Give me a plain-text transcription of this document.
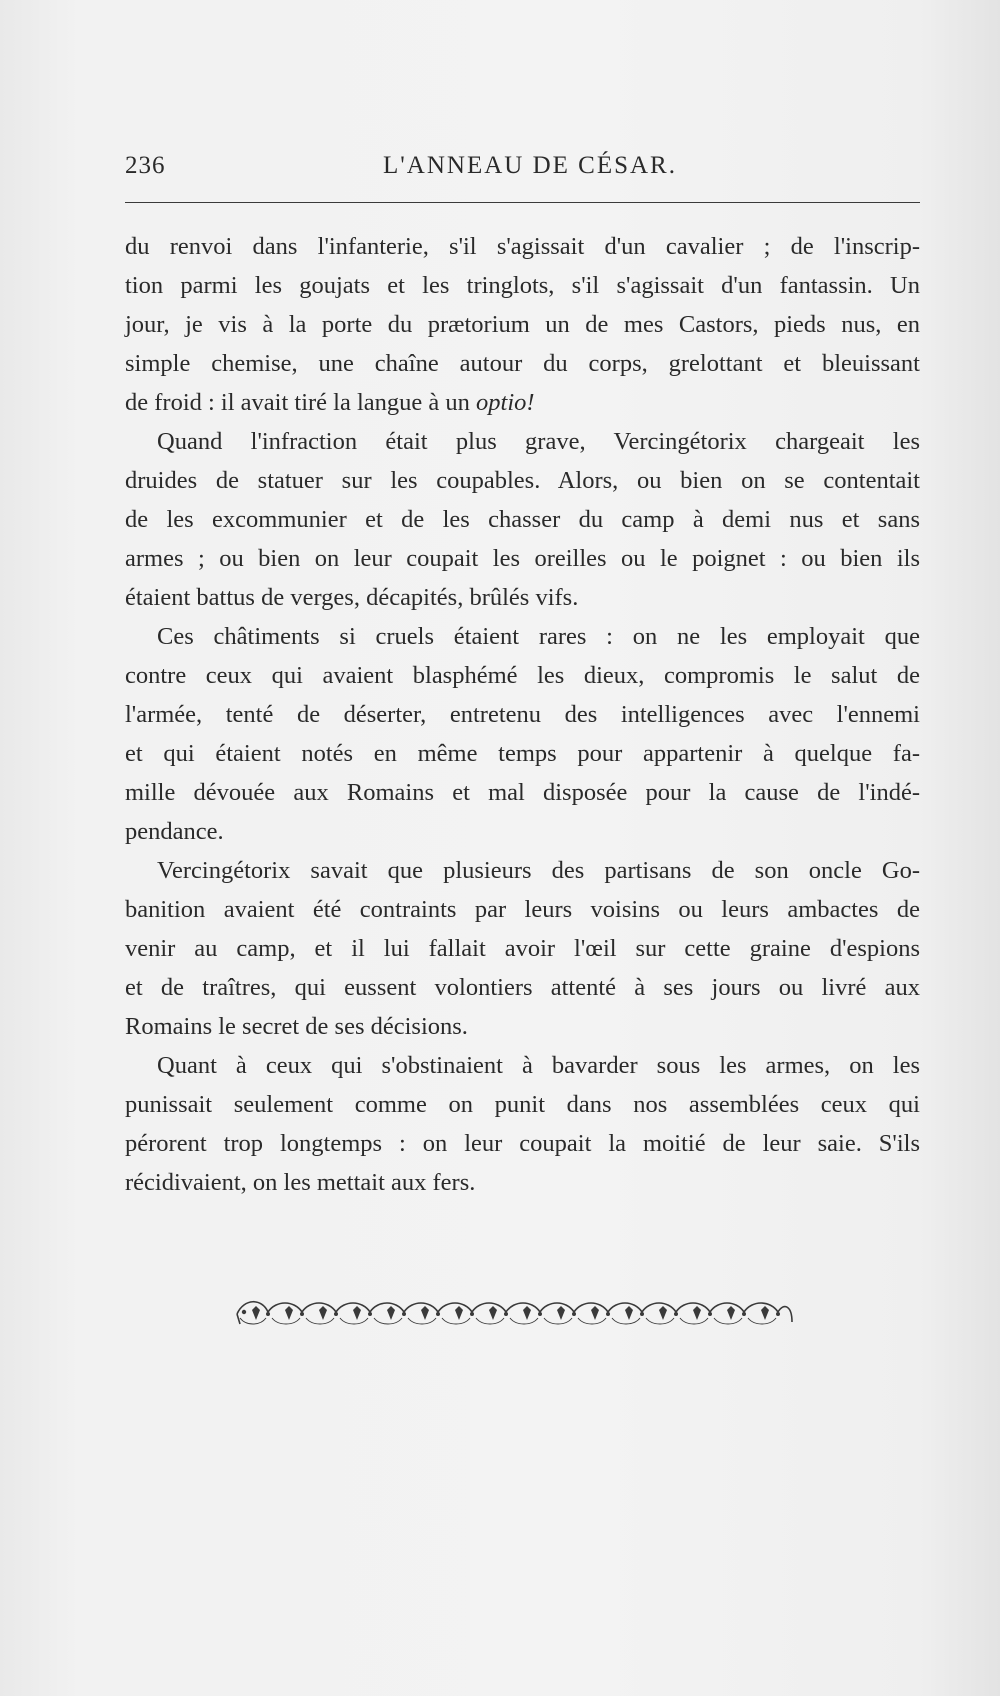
236	L'ANNEAU DE CÉSAR.
du renvoi dans l'infanterie, s'il s'agissait d'un cavalier ; de l'inscrip-
tion parmi les goujats et les tringlots, s'il s'agissait d'un fantassin. Un
jour, je vis à la porte du prætorium un de mes Castors, pieds nus, en
simple chemise, une chaîne autour du corps, grelottant et bleuissant
de froid : il avait tiré la langue à un optio!
Quand l'infraction était plus grave, Vercingétorix chargeait les
druides de statuer sur les coupables. Alors, ou bien on se contentait
de les excommunier et de les chasser du camp à demi nus et sans
armes ; ou bien on leur coupait les oreilles ou le poignet : ou bien ils
étaient battus de verges, décapités, brûlés vifs.
Ces châtiments si cruels étaient rares : on ne les employait que
contre ceux qui avaient blasphémé les dieux, compromis le salut de
l'armée, tenté de déserter, entretenu des intelligences avec l'ennemi
et qui étaient notés en même temps pour appartenir à quelque fa-
mille dévouée aux Romains et mal disposée pour la cause de l'indé-
pendance.
Vercingétorix savait que plusieurs des partisans de son oncle Go-
banition avaient été contraints par leurs voisins ou leurs ambactes de
venir au camp, et il lui fallait avoir l'œil sur cette graine d'espions
et de traîtres, qui eussent volontiers attenté à ses jours ou livré aux
Romains le secret de ses décisions.
Quant à ceux qui s'obstinaient à bavarder sous les armes, on les
punissait seulement comme on punit dans nos assemblées ceux qui
pérorent trop longtemps : on leur coupait la moitié de leur saie. S'ils
récidivaient, on les mettait aux fers.
